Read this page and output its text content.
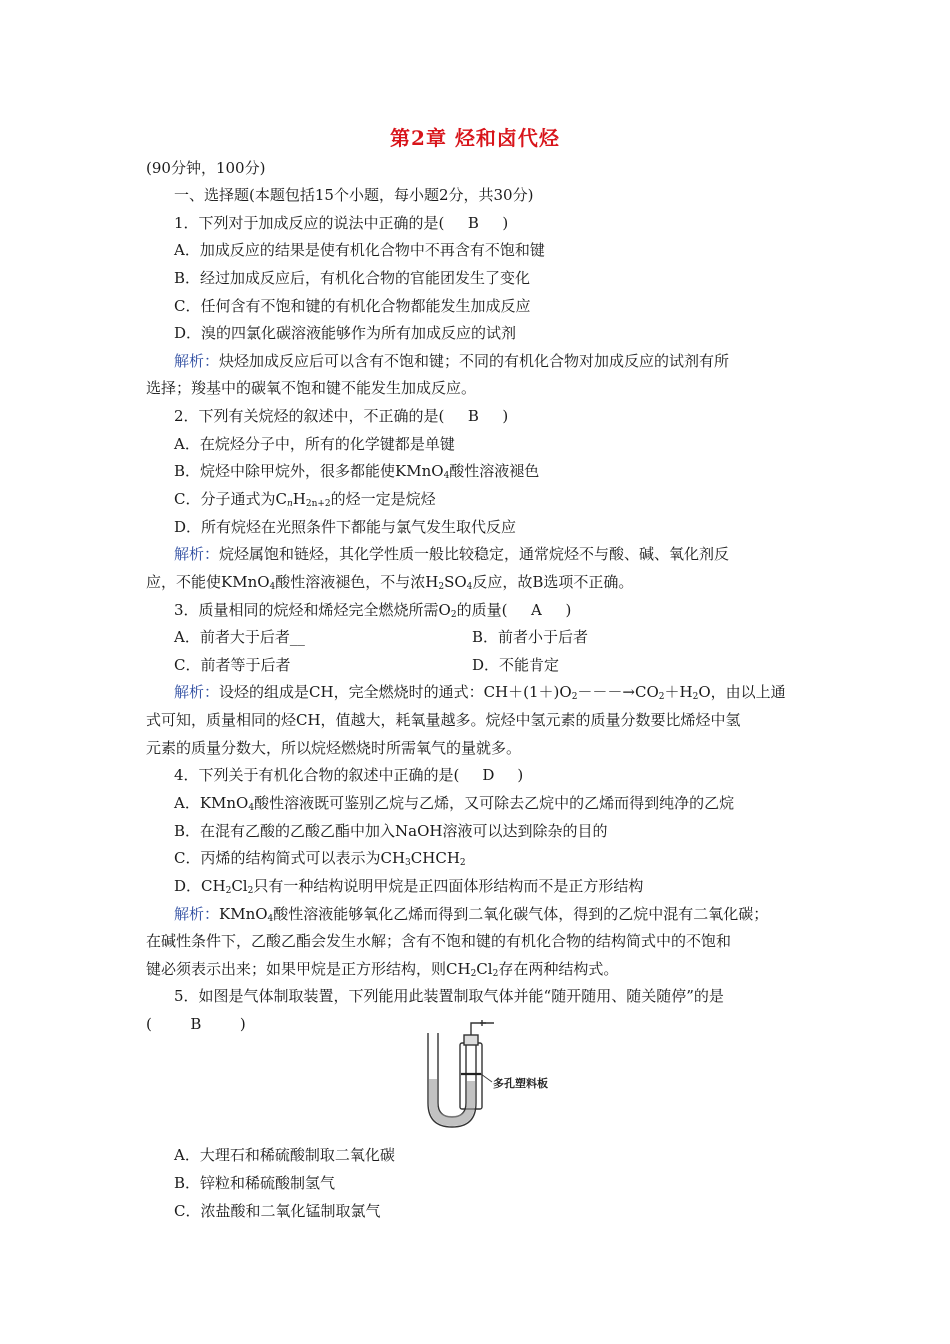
第2章 烃和卤代烃
(90分钟，100分)
一、选择题(本题包括15个小题，每小题2分，共30分)
1．下列对于加成反应的说法中正确的是( B )
A．加成反应的结果是使有机化合物中不再含有不饱和键
B．经过加成反应后，有机化合物的官能团发生了变化
C．任何含有不饱和键的有机化合物都能发生加成反应
D．溴的四氯化碳溶液能够作为所有加成反应的试剂
解析：炔烃加成反应后可以含有不饱和键；不同的有机化合物对加成反应的试剂有所
选择；羧基中的碳氧不饱和键不能发生加成反应。
2．下列有关烷烃的叙述中，不正确的是( B )
A．在烷烃分子中，所有的化学键都是单键
B．烷烃中除甲烷外，很多都能使KMnO$_4$酸性溶液褪色
C．分子通式为$C_nH_{2n+2}$的烃一定是烷烃
D．所有烷烃在光照条件下都能与氯气发生取代反应
解析：烷烃属饱和链烃，其化学性质一般比较稳定，通常烷烃不与酸、碱、氧化剂反
应，不能使KMnO$_4$酸性溶液褪色，不与浓$H_2SO_4$反应，故B选项不正确。
3．质量相同的烷烃和烯烃完全燃烧所需$O_2$的质量( A )
A．前者大于后者__	B．前者小于后者
C．前者等于后者	D．不能肯定
解析：设烃的组成是CH，完全燃烧时的通式：$CH+(1+)O_2---\to CO_2+H_2O$，由以上通
式可知，质量相同的烃CH，值越大，耗氧量越多。烷烃中氢元素的质量分数要比烯烃中氢
元素的质量分数大，所以烷烃燃烧时所需氧气的量就多。
4．下列关于有机化合物的叙述中正确的是( D )
A．KMnO$_4$酸性溶液既可鉴别乙烷与乙烯，又可除去乙烷中的乙烯而得到纯净的乙烷
B．在混有乙酸的乙酸乙酯中加入NaOH溶液可以达到除杂的目的
C．丙烯的结构简式可以表示为$CH_3CHCH_2$
D．$CH_2Cl_2$只有一种结构说明甲烷是正四面体形结构而不是正方形结构
解析：KMnO$_4$酸性溶液能够氧化乙烯而得到二氧化碳气体，得到的乙烷中混有二氧化碳；
在碱性条件下，乙酸乙酯会发生水解；含有不饱和键的有机化合物的结构简式中的不饱和
键必须表示出来；如果甲烷是正方形结构，则$CH_2Cl_2$存在两种结构式。
5．如图是气体制取装置，下列能用此装置制取气体并能“随开随用、随关随停”的是
(	B	)
多孔塑料板
A．大理石和稀硫酸制取二氧化碳
B．锌粒和稀硫酸制氢气
C．浓盐酸和二氧化锰制取氯气
